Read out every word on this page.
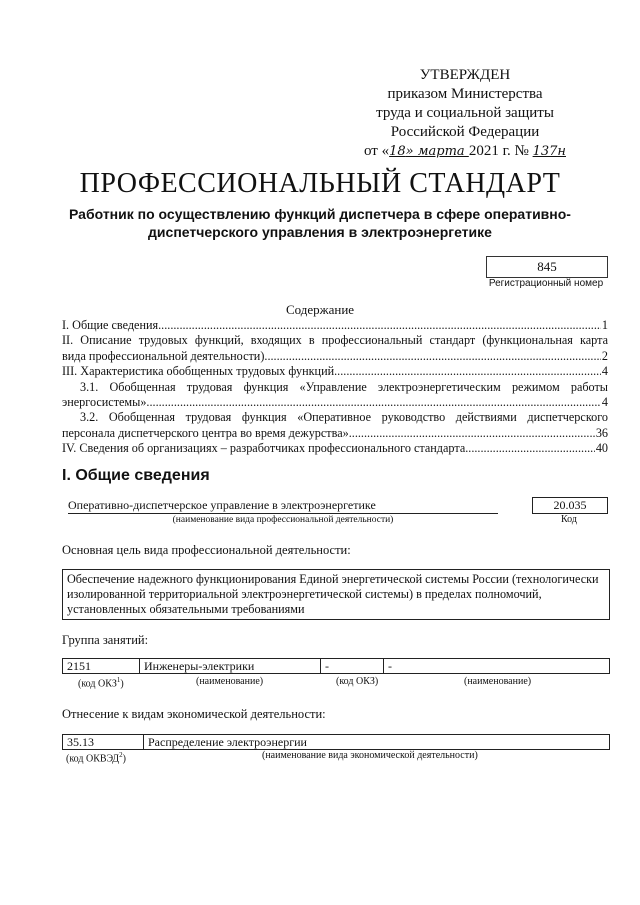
УТВЕРЖДЕН
приказом Министерства
труда и социальной защиты
Российской Федерации
от «18» марта 2021 г. № 137н
ПРОФЕССИОНАЛЬНЫЙ СТАНДАРТ
Работник по осуществлению функций диспетчера в сфере оперативно-диспетчерского управления в электроэнергетике
845
Регистрационный номер
Содержание
I. Общие сведения .....	1
II. Описание трудовых функций, входящих в профессиональный стандарт (функциональная карта
вида профессиональной деятельности) .....	2
III. Характеристика обобщенных трудовых функций .....	4
3.1. Обобщенная трудовая функция «Управление электроэнергетическим режимом работы
энергосистемы» .....	4
3.2. Обобщенная трудовая функция «Оперативное руководство действиями диспетчерского
персонала диспетчерского центра во время дежурства» .....	36
IV. Сведения об организациях – разработчиках профессионального стандарта .....	40
I. Общие сведения
Оперативно-диспетчерское управление в электроэнергетике
(наименование вида профессиональной деятельности)
20.035
Код
Основная цель вида профессиональной деятельности:
Обеспечение надежного функционирования Единой энергетической системы России (технологически изолированной территориальной электроэнергетической системы) в пределах полномочий, установленных обязательными требованиями
Группа занятий:
2151	Инженеры-электрики	-	-
(код ОКЗ$^1$)	(наименование)	(код ОКЗ)	(наименование)
Отнесение к видам экономической деятельности:
35.13	Распределение электроэнергии
(код ОКВЭД$^2$)	(наименование вида экономической деятельности)
